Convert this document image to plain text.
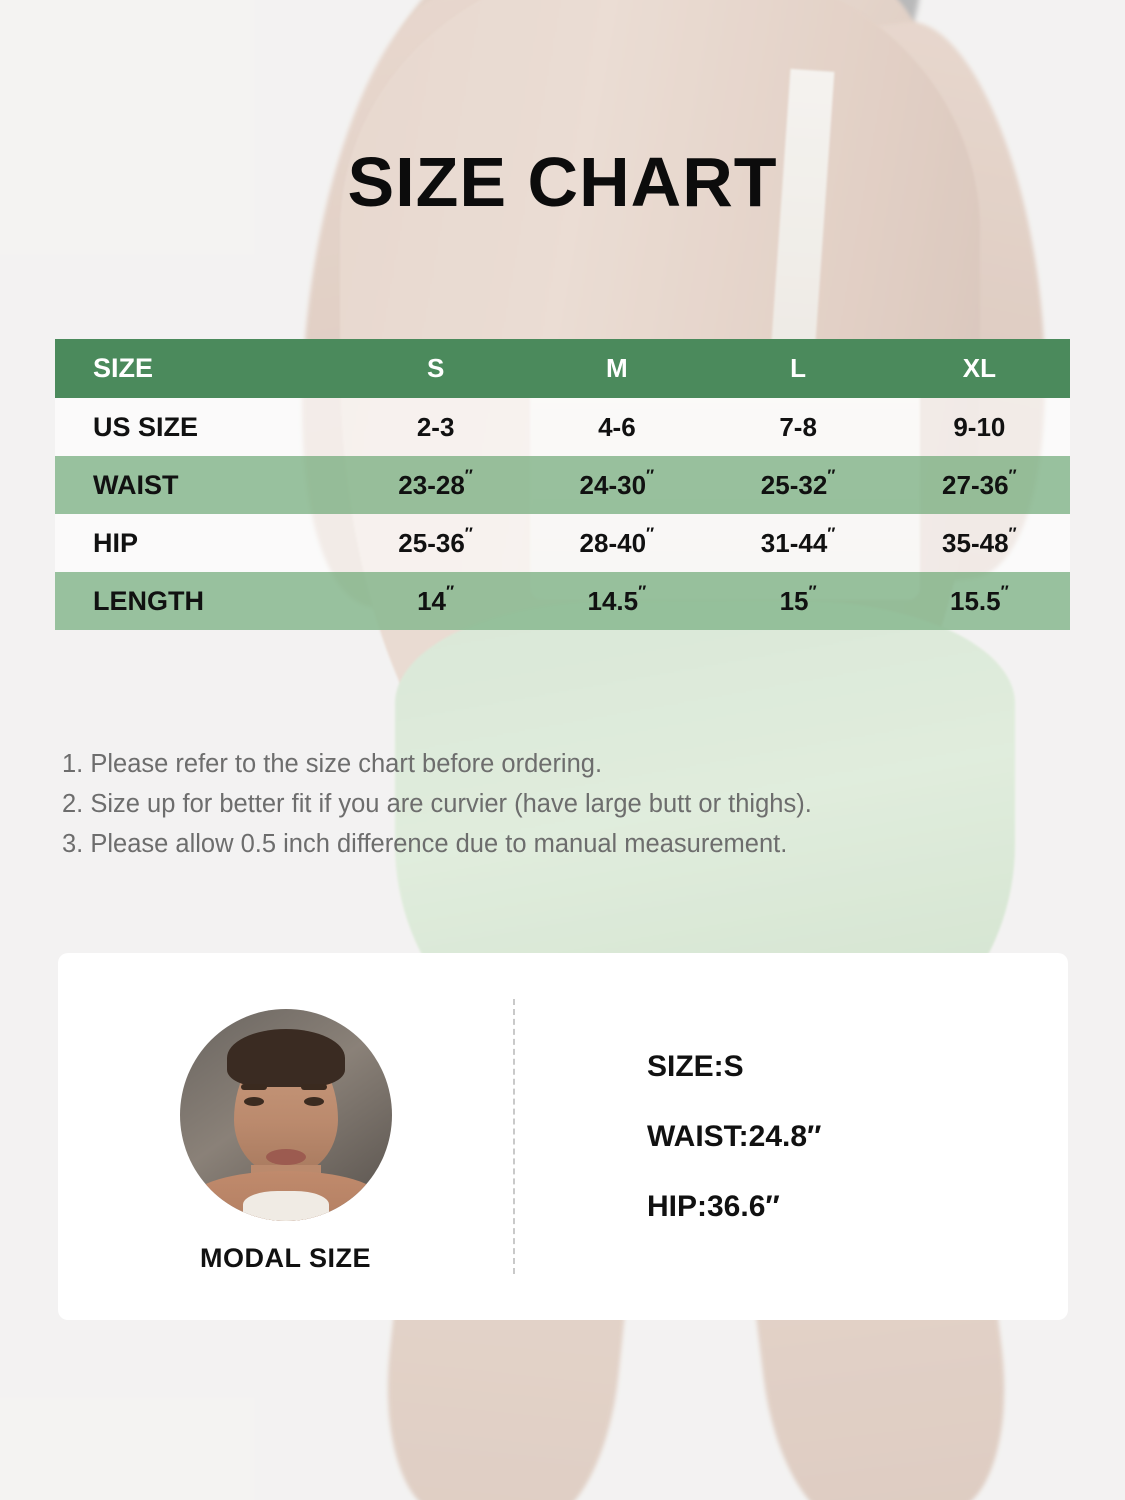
SIZE CHART
SIZE	S	M	L	XL
US SIZE	2-3	4-6	7-8	9-10
WAIST	23-28″	24-30″	25-32″	27-36″
HIP	25-36″	28-40″	31-44″	35-48″
LENGTH	14″	14.5″	15″	15.5″
1. Please refer to the size chart before ordering.
2. Size up for better fit if you are curvier (have large butt or thighs).
3. Please allow 0.5 inch difference due to manual measurement.
MODAL SIZE
SIZE:S
WAIST:24.8″
HIP:36.6″
